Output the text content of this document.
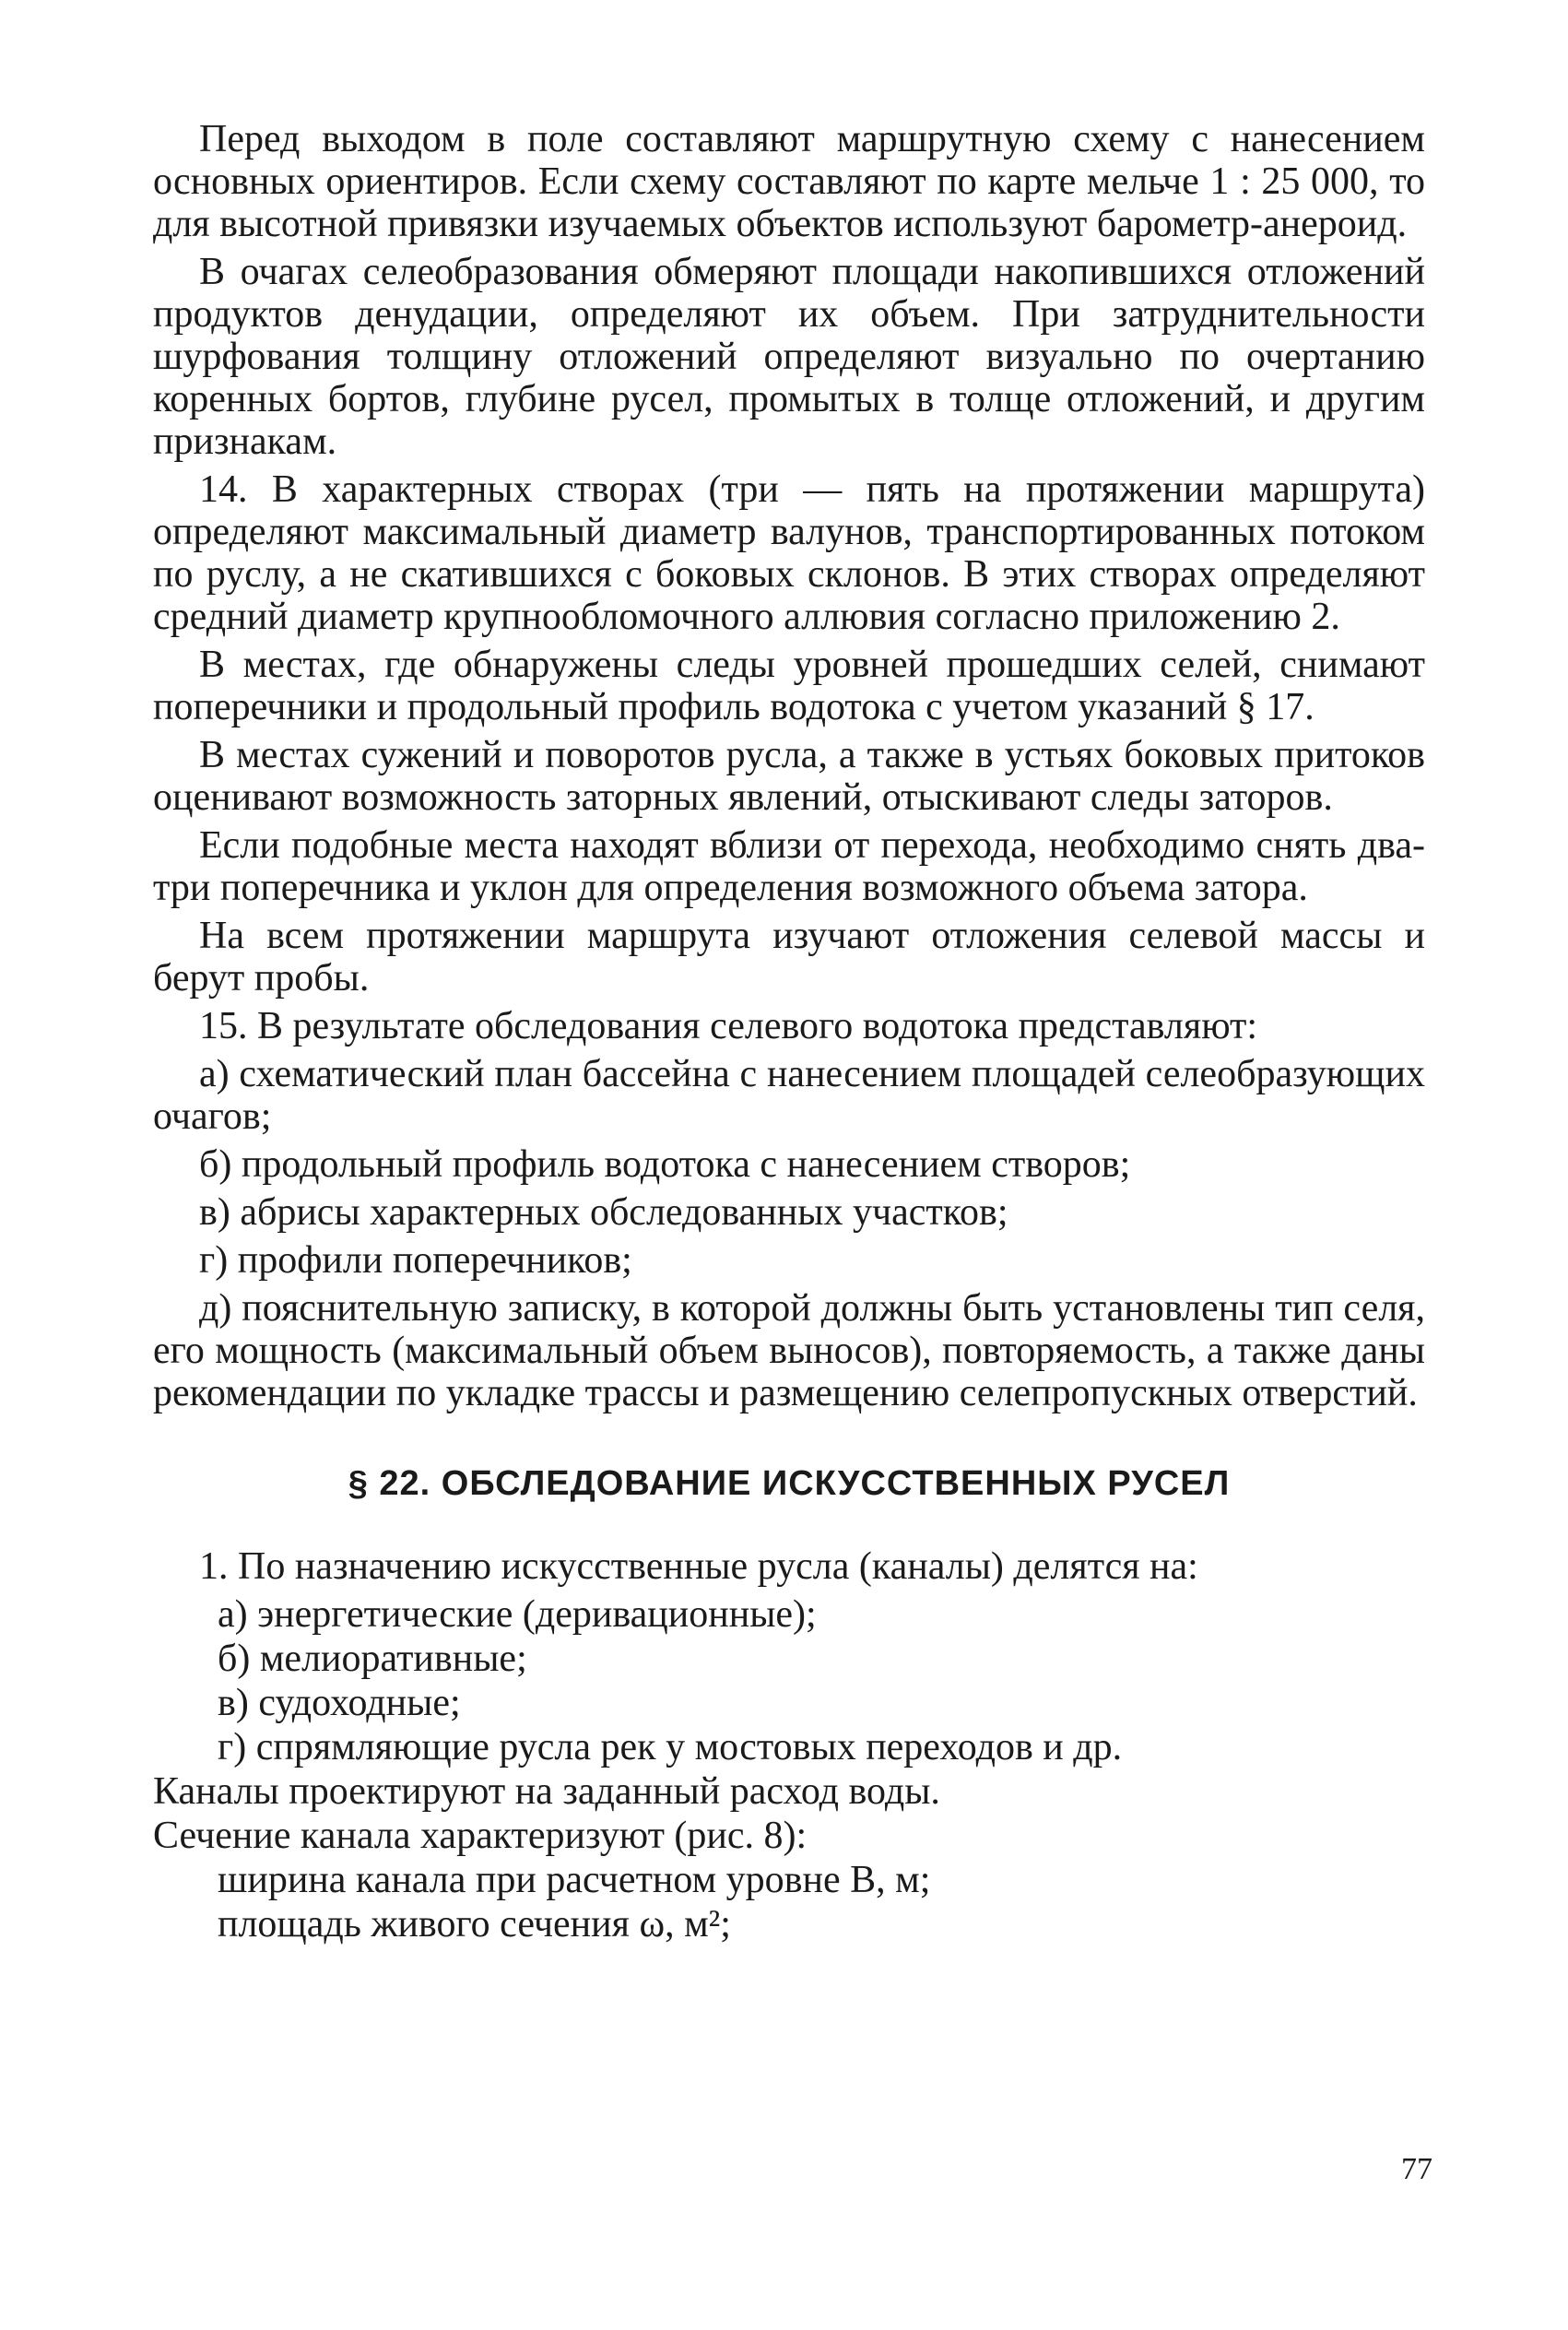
Перед выходом в поле составляют маршрутную схему с нанесением основных ориентиров. Если схему составляют по карте мельче 1 : 25 000, то для высотной привязки изучаемых объектов используют барометр-анероид.

В очагах селеобразования обмеряют площади накопившихся отложений продуктов денудации, определяют их объем. При затруднительности шурфования толщину отложений определяют визуально по очертанию коренных бортов, глубине русел, промытых в толще отложений, и другим признакам.

14. В характерных створах (три — пять на протяжении маршрута) определяют максимальный диаметр валунов, транспортированных потоком по руслу, а не скатившихся с боковых склонов. В этих створах определяют средний диаметр крупнообломочного аллювия согласно приложению 2.

В местах, где обнаружены следы уровней прошедших селей, снимают поперечники и продольный профиль водотока с учетом указаний § 17.

В местах сужений и поворотов русла, а также в устьях боковых притоков оценивают возможность заторных явлений, отыскивают следы заторов.

Если подобные места находят вблизи от перехода, необходимо снять два-три поперечника и уклон для определения возможного объема затора.

На всем протяжении маршрута изучают отложения селевой массы и берут пробы.

15. В результате обследования селевого водотока представляют:

а) схематический план бассейна с нанесением площадей селеобразующих очагов;

б) продольный профиль водотока с нанесением створов;

в) абрисы характерных обследованных участков;

г) профили поперечников;

д) пояснительную записку, в которой должны быть установлены тип селя, его мощность (максимальный объем выносов), повторяемость, а также даны рекомендации по укладке трассы и размещению селепропускных отверстий.

§ 22. ОБСЛЕДОВАНИЕ ИСКУССТВЕННЫХ РУСЕЛ

1. По назначению искусственные русла (каналы) делятся на:

а) энергетические (деривационные);

б) мелиоративные;

в) судоходные;

г) спрямляющие русла рек у мостовых переходов и др.

Каналы проектируют на заданный расход воды.

Сечение канала характеризуют (рис. 8):

ширина канала при расчетном уровне B, м;

площадь живого сечения ω, м²;

77
